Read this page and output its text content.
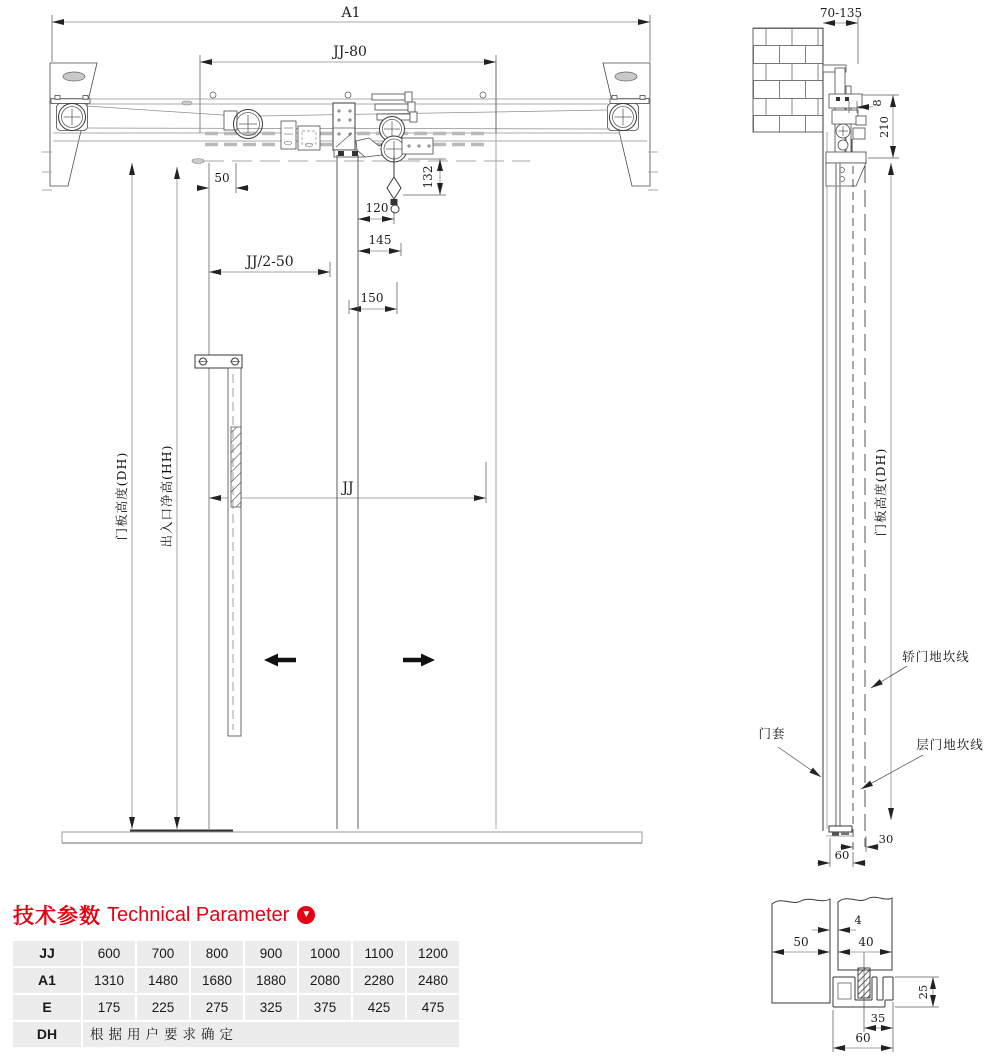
A1
JJ-80
50	132
120
145
JJ/2-50
150
JJ
门板高度(DH) 出入口净高(HH)
70-135
8
210
门板高度(DH)
轿门地坎线
门套
层门地坎线
30
60
50
4
40
25
35
60
技术参数 Technical Parameter	▼
JJ	600	700	800	900	1000	1100	1200
A1	1310	1480	1680	1880	2080	2280	2480
E	175	225	275	325	375	425	475
DH	根据用户要求确定
